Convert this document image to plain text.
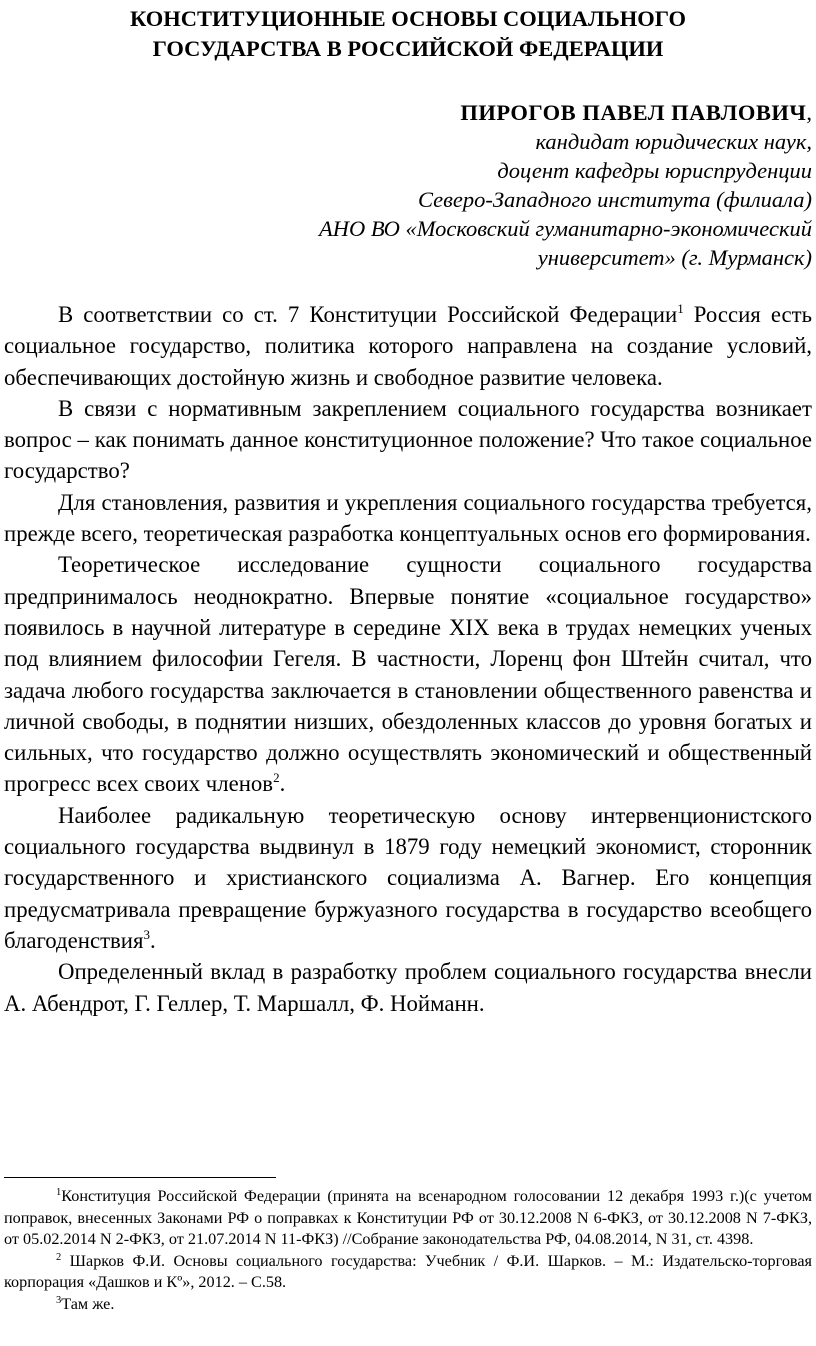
КОНСТИТУЦИОННЫЕ ОСНОВЫ СОЦИАЛЬНОГО
ГОСУДАРСТВА В РОССИЙСКОЙ ФЕДЕРАЦИИ
ПИРОГОВ ПАВЕЛ ПАВЛОВИЧ,
кандидат юридических наук,
доцент кафедры юриспруденции
Северо-Западного института (филиала)
АНО ВО «Московский гуманитарно-экономический
университет» (г. Мурманск)

В соответствии со ст. 7 Конституции Российской Федерации$^1$ Россия есть социальное государство, политика которого направлена на создание условий, обеспечивающих достойную жизнь и свободное развитие человека.

В связи с нормативным закреплением социального государства возникает вопрос – как понимать данное конституционное положение? Что такое социальное государство?

Для становления, развития и укрепления социального государства требуется, прежде всего, теоретическая разработка концептуальных основ его формирования.

Теоретическое исследование сущности социального государства предпринималось неоднократно. Впервые понятие «социальное государство» появилось в научной литературе в середине XIX века в трудах немецких ученых под влиянием философии Гегеля. В частности, Лоренц фон Штейн считал, что задача любого государства заключается в становлении общественного равенства и личной свободы, в поднятии низших, обездоленных классов до уровня богатых и сильных, что государство должно осуществлять экономический и общественный прогресс всех своих членов$^2$.

Наиболее радикальную теоретическую основу интервенционистского социального государства выдвинул в 1879 году немецкий экономист, сторонник государственного и христианского социализма А. Вагнер. Его концепция предусматривала превращение буржуазного государства в государство всеобщего благоденствия$^3$.

Определенный вклад в разработку проблем социального государства внесли А. Абендрот, Г. Геллер, Т. Маршалл, Ф. Нойманн.

$^1$Конституция Российской Федерации (принята на всенародном голосовании 12 декабря 1993 г.)(с учетом поправок, внесенных Законами РФ о поправках к Конституции РФ от 30.12.2008 N 6-ФКЗ, от 30.12.2008 N 7-ФКЗ, от 05.02.2014 N 2-ФКЗ, от 21.07.2014 N 11-ФКЗ) //Собрание законодательства РФ, 04.08.2014, N 31, ст. 4398.

$^2$ Шарков Ф.И. Основы социального государства: Учебник / Ф.И. Шарков. – М.: Издательско-торговая корпорация «Дашков и Кº», 2012. – С.58.

$^3$Там же.
